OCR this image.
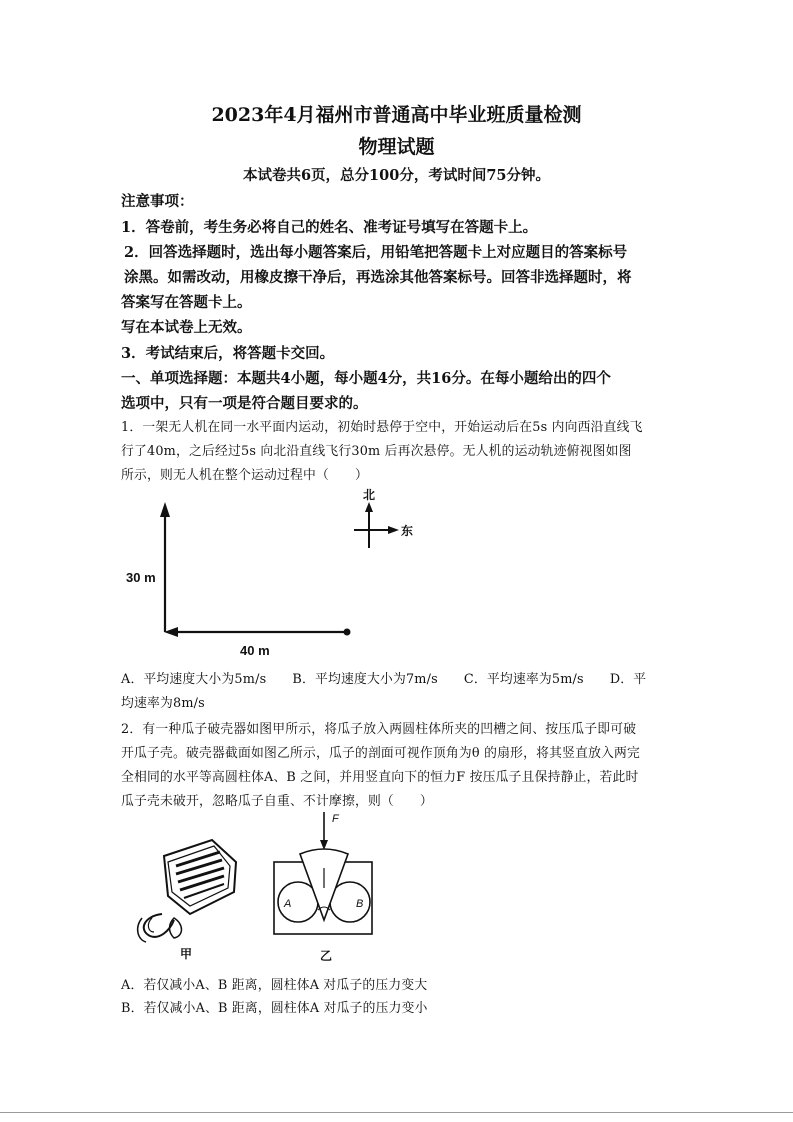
2023年4月福州市普通高中毕业班质量检测
物理试题
本试卷共6页，总分100分，考试时间75分钟。
注意事项：
1．答卷前，考生务必将自己的姓名、准考证号填写在答题卡上。
2．回答选择题时，选出每小题答案后，用铅笔把答题卡上对应题目的答案标号
涂黑。如需改动，用橡皮擦干净后，再选涂其他答案标号。回答非选择题时，将
答案写在答题卡上。
写在本试卷上无效。
3．考试结束后，将答题卡交回。
一、单项选择题：本题共4小题，每小题4分，共16分。在每小题给出的四个
选项中，只有一项是符合题目要求的。
1．一架无人机在同一水平面内运动，初始时悬停于空中，开始运动后在5s 内向西沿直线飞
行了40m，之后经过5s 向北沿直线飞行30m 后再次悬停。无人机的运动轨迹俯视图如图
所示，则无人机在整个运动过程中（　　）
30 m
40 m
北
东
A．平均速度大小为5m/s　　B．平均速度大小为7m/s　　C．平均速率为5m/s　　D．平
均速率为8m/s
2．有一种瓜子破壳器如图甲所示，将瓜子放入两圆柱体所夹的凹槽之间、按压瓜子即可破
开瓜子壳。破壳器截面如图乙所示，瓜子的剖面可视作顶角为θ 的扇形，将其竖直放入两完
全相同的水平等高圆柱体A、B 之间，并用竖直向下的恒力F 按压瓜子且保持静止，若此时
瓜子壳未破开，忽略瓜子自重、不计摩擦，则（　　）
甲
F
A	B
乙
A．若仅减小A、B 距离，圆柱体A 对瓜子的压力变大
B．若仅减小A、B 距离，圆柱体A 对瓜子的压力变小
